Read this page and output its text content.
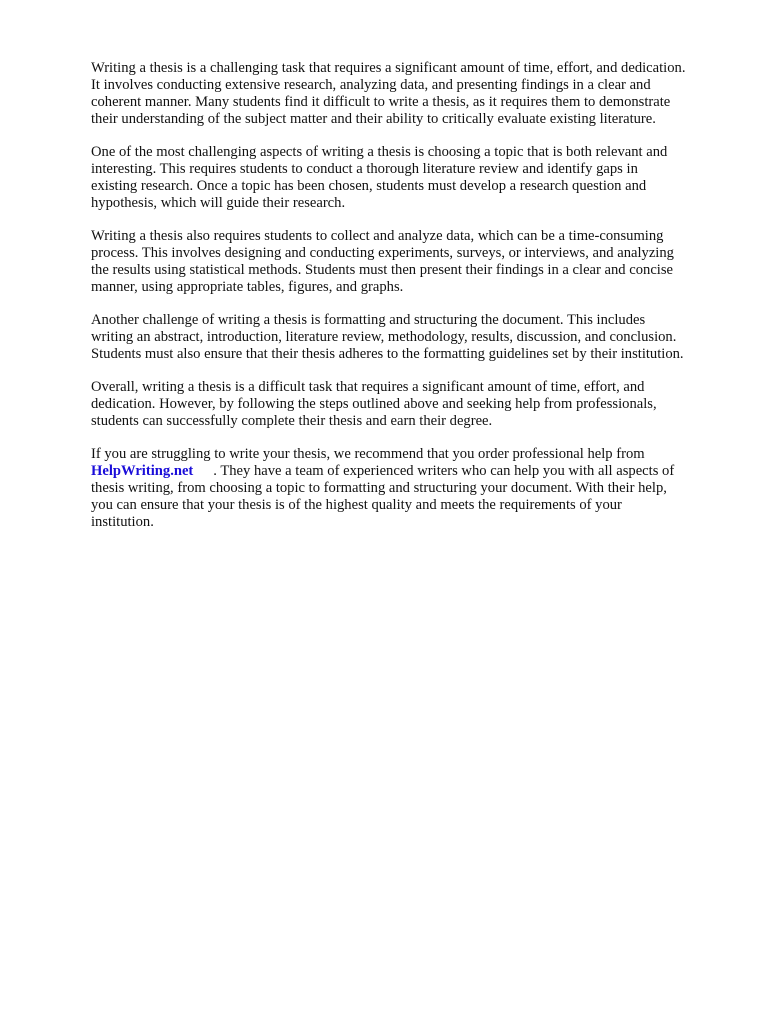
Writing a thesis is a challenging task that requires a significant amount of time, effort, and dedication.
It involves conducting extensive research, analyzing data, and presenting findings in a clear and
coherent manner. Many students find it difficult to write a thesis, as it requires them to demonstrate
their understanding of the subject matter and their ability to critically evaluate existing literature.

One of the most challenging aspects of writing a thesis is choosing a topic that is both relevant and
interesting. This requires students to conduct a thorough literature review and identify gaps in
existing research. Once a topic has been chosen, students must develop a research question and
hypothesis, which will guide their research.

Writing a thesis also requires students to collect and analyze data, which can be a time-consuming
process. This involves designing and conducting experiments, surveys, or interviews, and analyzing
the results using statistical methods. Students must then present their findings in a clear and concise
manner, using appropriate tables, figures, and graphs.

Another challenge of writing a thesis is formatting and structuring the document. This includes
writing an abstract, introduction, literature review, methodology, results, discussion, and conclusion.
Students must also ensure that their thesis adheres to the formatting guidelines set by their institution.

Overall, writing a thesis is a difficult task that requires a significant amount of time, effort, and
dedication. However, by following the steps outlined above and seeking help from professionals,
students can successfully complete their thesis and earn their degree.

If you are struggling to write your thesis, we recommend that you order professional help from
HelpWriting.net . They have a team of experienced writers who can help you with all aspects of
thesis writing, from choosing a topic to formatting and structuring your document. With their help,
you can ensure that your thesis is of the highest quality and meets the requirements of your
institution.
